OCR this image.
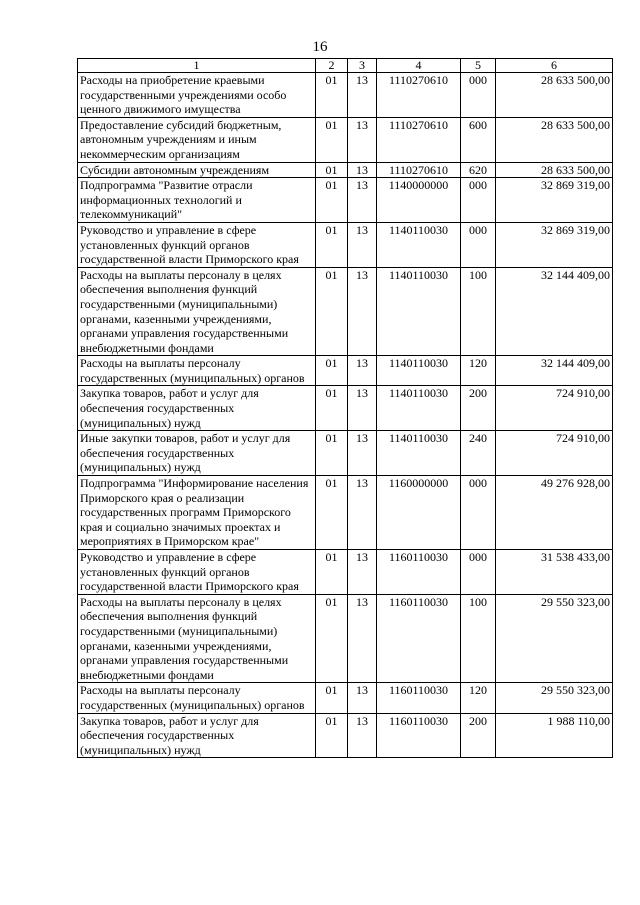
16
1	2	3	4	5	6
Расходы на приобретение краевыми государственными учреждениями особо ценного движимого имущества	01	13	1110270610	000	28 633 500,00
Предоставление субсидий бюджетным, автономным учреждениям и иным некоммерческим организациям	01	13	1110270610	600	28 633 500,00
Субсидии автономным учреждениям	01	13	1110270610	620	28 633 500,00
Подпрограмма "Развитие отрасли информационных технологий и телекоммуникаций"	01	13	1140000000	000	32 869 319,00
Руководство и управление в сфере установленных функций органов государственной власти Приморского края	01	13	1140110030	000	32 869 319,00
Расходы на выплаты персоналу в целях обеспечения выполнения функций государственными (муниципальными) органами, казенными учреждениями, органами управления государственными внебюджетными фондами	01	13	1140110030	100	32 144 409,00
Расходы на выплаты персоналу государственных (муниципальных) органов	01	13	1140110030	120	32 144 409,00
Закупка товаров, работ и услуг для обеспечения государственных (муниципальных) нужд	01	13	1140110030	200	724 910,00
Иные закупки товаров, работ и услуг для обеспечения государственных (муниципальных) нужд	01	13	1140110030	240	724 910,00
Подпрограмма "Информирование населения Приморского края о реализации государственных программ Приморского края и социально значимых проектах и мероприятиях в Приморском крае"	01	13	1160000000	000	49 276 928,00
Руководство и управление в сфере установленных функций органов государственной власти Приморского края	01	13	1160110030	000	31 538 433,00
Расходы на выплаты персоналу в целях обеспечения выполнения функций государственными (муниципальными) органами, казенными учреждениями, органами управления государственными внебюджетными фондами	01	13	1160110030	100	29 550 323,00
Расходы на выплаты персоналу государственных (муниципальных) органов	01	13	1160110030	120	29 550 323,00
Закупка товаров, работ и услуг для обеспечения государственных (муниципальных) нужд	01	13	1160110030	200	1 988 110,00
